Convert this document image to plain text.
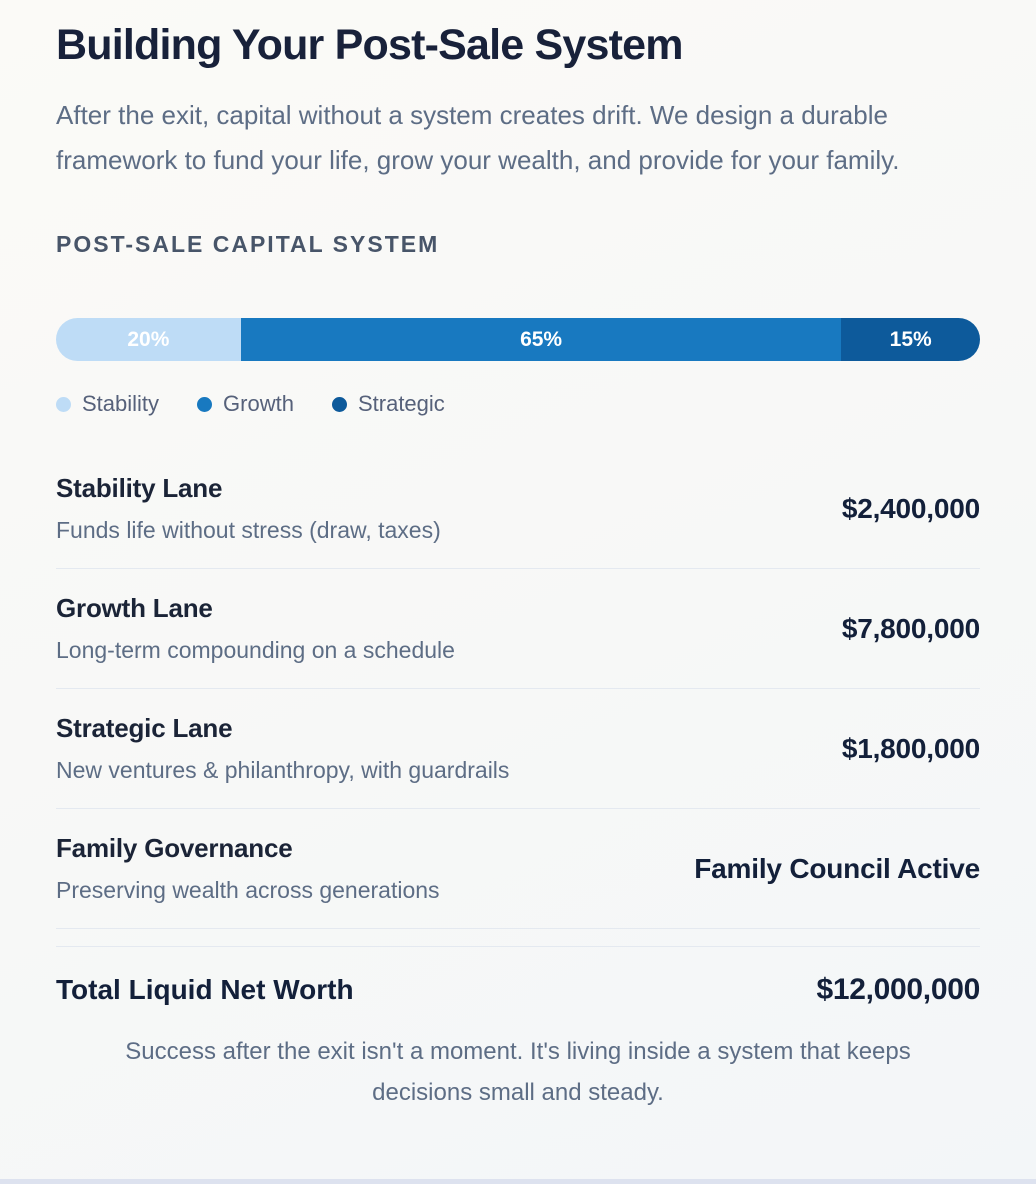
Building Your Post-Sale System

After the exit, capital without a system creates drift. We design a durable framework to fund your life, grow your wealth, and provide for your family.

POST-SALE CAPITAL SYSTEM
20%	65%	15%
Stability	Growth	Strategic
Stability Lane
Funds life without stress (draw, taxes)
$2,400,000
Growth Lane
Long-term compounding on a schedule
$7,800,000
Strategic Lane
New ventures & philanthropy, with guardrails
$1,800,000
Family Governance
Preserving wealth across generations
Family Council Active
Total Liquid Net Worth	$12,000,000

Success after the exit isn't a moment. It's living inside a system that keeps decisions small and steady.
